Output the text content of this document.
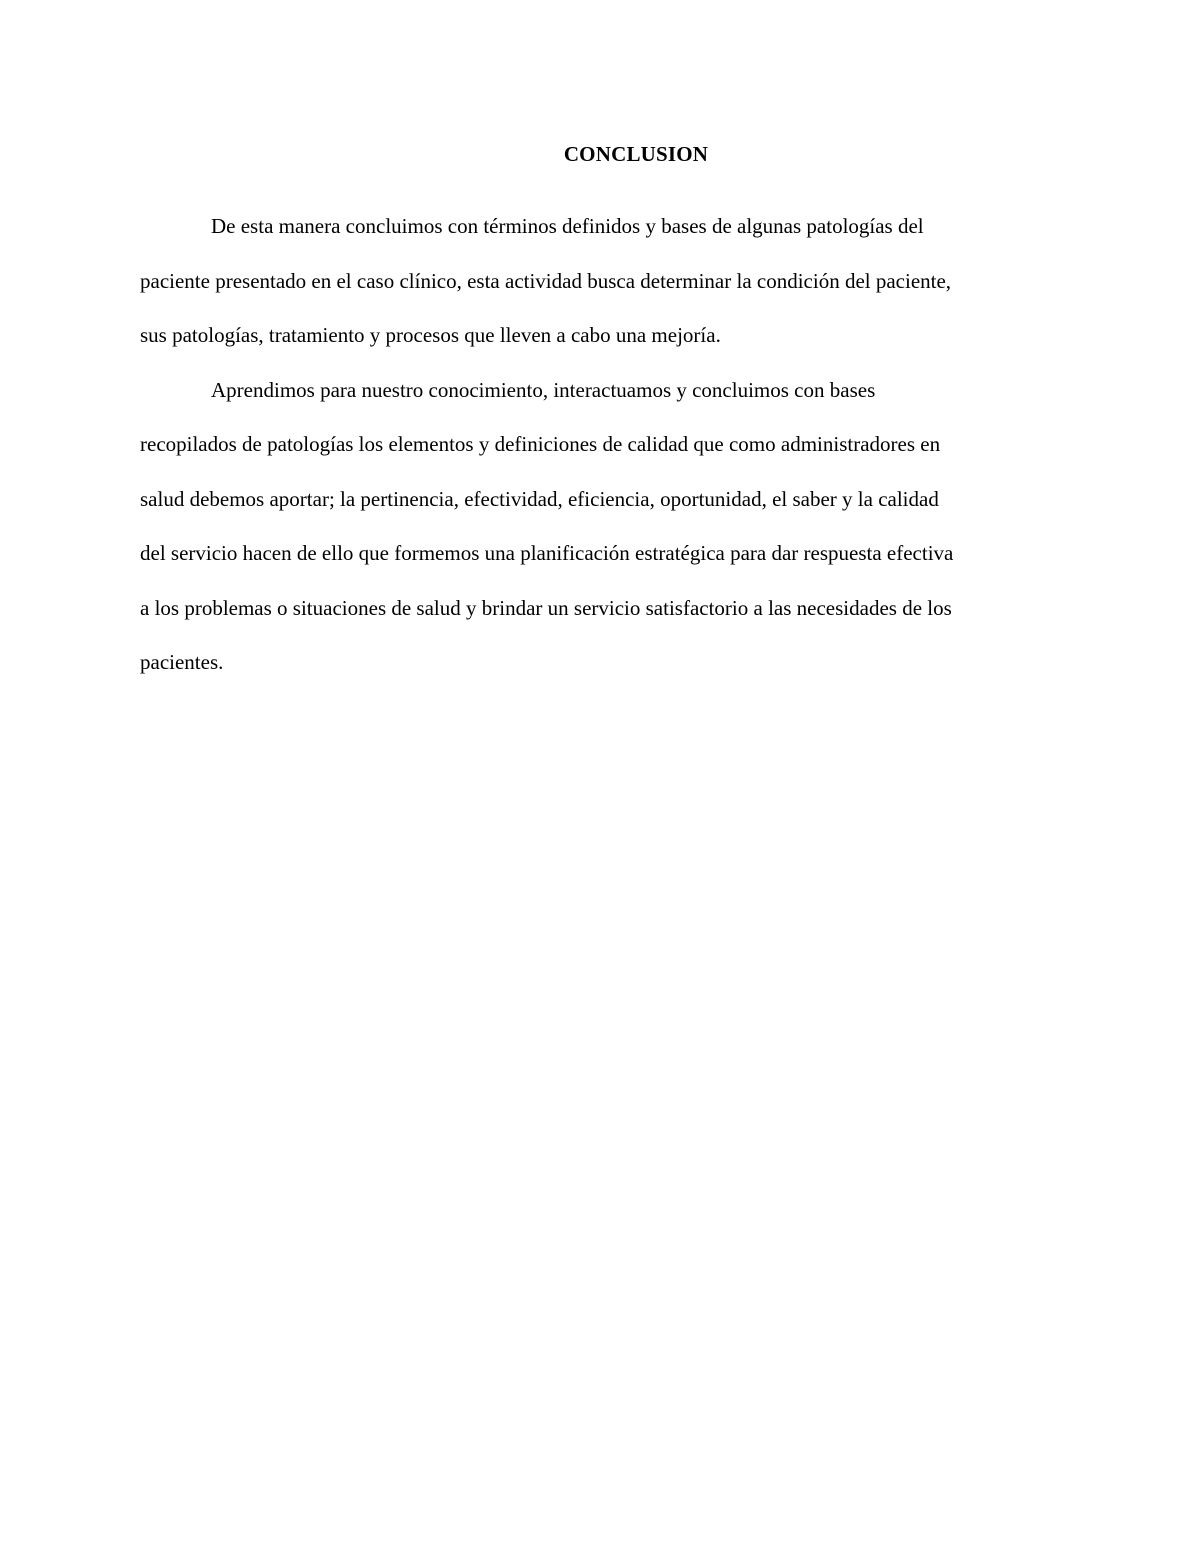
CONCLUSION
De esta manera concluimos con términos definidos y bases de algunas patologías del
paciente presentado en el caso clínico, esta actividad busca determinar la condición del paciente,
sus patologías, tratamiento y procesos que lleven a cabo una mejoría.
Aprendimos para nuestro conocimiento, interactuamos y concluimos con bases
recopilados de patologías los elementos y definiciones de calidad que como administradores en
salud debemos aportar; la pertinencia, efectividad, eficiencia, oportunidad, el saber y la calidad
del servicio hacen de ello que formemos una planificación estratégica para dar respuesta efectiva
a los problemas o situaciones de salud y brindar un servicio satisfactorio a las necesidades de los
pacientes.
